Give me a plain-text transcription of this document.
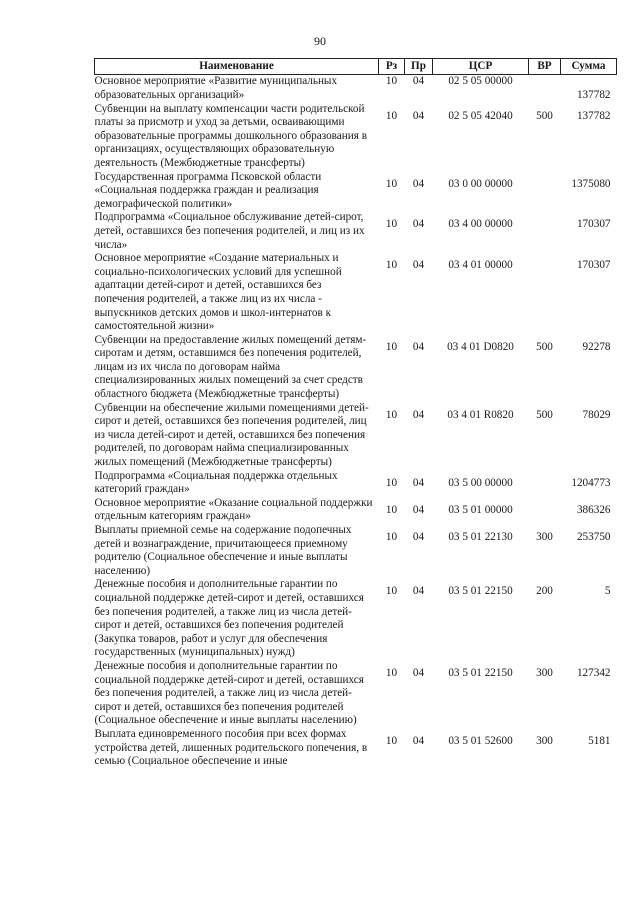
90
Наименование	Рз	Пр	ЦСР	ВР	Сумма
Основное мероприятие «Развитие муниципальных образовательных организаций»	10	04	02 5 05 00000		137782
Субвенции на выплату компенсации части родительской платы за присмотр и уход за детьми, осваивающими образовательные программы дошкольного образования в организациях, осуществляющих образовательную деятельность (Межбюджетные трансферты)	10	04	02 5 05 42040	500	137782
Государственная программа Псковской области «Социальная поддержка граждан и реализация демографической политики»	10	04	03 0 00 00000		1375080
Подпрограмма «Социальное обслуживание детей-сирот, детей, оставшихся без попечения родителей, и лиц из их числа»	10	04	03 4 00 00000		170307
Основное мероприятие «Создание материальных и социально-психологических условий для успешной адаптации детей-сирот и детей, оставшихся без попечения родителей, а также лиц из их числа - выпускников детских домов и школ-интернатов к самостоятельной жизни»	10	04	03 4 01 00000		170307
Субвенции на предоставление жилых помещений детям-сиротам и детям, оставшимся без попечения родителей, лицам из их числа по договорам найма специализированных жилых помещений за счет средств областного бюджета (Межбюджетные трансферты)	10	04	03 4 01 D0820	500	92278
Субвенции на обеспечение жилыми помещениями детей-сирот и детей, оставшихся без попечения родителей, лиц из числа детей-сирот и детей, оставшихся без попечения родителей, по договорам найма специализированных жилых помещений (Межбюджетные трансферты)	10	04	03 4 01 R0820	500	78029
Подпрограмма «Социальная поддержка отдельных категорий граждан»	10	04	03 5 00 00000		1204773
Основное мероприятие «Оказание социальной поддержки отдельным категориям граждан»	10	04	03 5 01 00000		386326
Выплаты приемной семье на содержание подопечных детей и вознаграждение, причитающееся приемному родителю (Социальное обеспечение и иные выплаты населению)	10	04	03 5 01 22130	300	253750
Денежные пособия и дополнительные гарантии по социальной поддержке детей-сирот и детей, оставшихся без попечения родителей, а также лиц из числа детей-сирот и детей, оставшихся без попечения родителей (Закупка товаров, работ и услуг для обеспечения государственных (муниципальных) нужд)	10	04	03 5 01 22150	200	5
Денежные пособия и дополнительные гарантии по социальной поддержке детей-сирот и детей, оставшихся без попечения родителей, а также лиц из числа детей-сирот и детей, оставшихся без попечения родителей (Социальное обеспечение и иные выплаты населению)	10	04	03 5 01 22150	300	127342
Выплата единовременного пособия при всех формах устройства детей, лишенных родительского попечения, в семью (Социальное обеспечение и иные	10	04	03 5 01 52600	300	5181
